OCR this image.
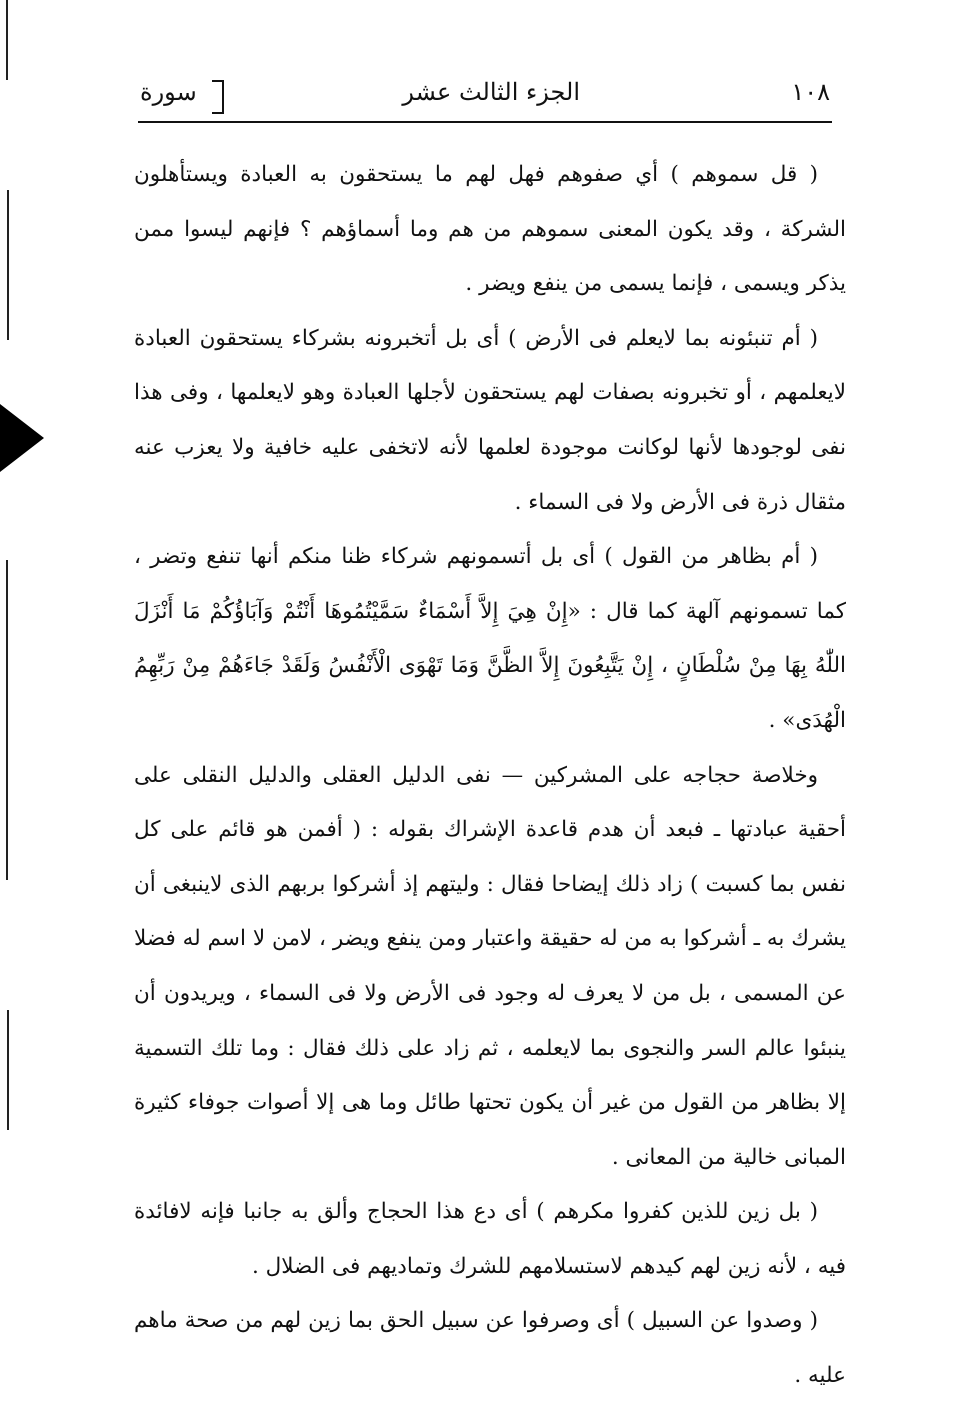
١٠٨
الجزء الثالث عشر
سورة

( قل سموهم ) أي صفوهم فهل لهم ما يستحقون به العبادة ويستأهلون الشركة ، وقد يكون المعنى سموهم من هم وما أسماؤهم ؟ فإنهم ليسوا ممن يذكر ويسمى ، فإنما يسمى من ينفع ويضر .

( أم تنبئونه بما لايعلم فى الأرض ) أى بل أتخبرونه بشركاء يستحقون العبادة لايعلمهم ، أو تخبرونه بصفات لهم يستحقون لأجلها العبادة وهو لايعلمها ، وفى هذا نفى لوجودها لأنها لوكانت موجودة لعلمها لأنه لاتخفى عليه خافية ولا يعزب عنه مثقال ذرة فى الأرض ولا فى السماء .

( أم بظاهر من القول ) أى بل أتسمونهم شركاء ظنا منكم أنها تنفع وتضر ، كما تسمونهم آلهة كما قال : «إِنْ هِيَ إِلاَّ أَسْمَاءٌ سَمَّيْتُمُوهَا أَنْتُمْ وَآبَاؤُكُمْ مَا أَنْزَلَ اللّٰهُ بِهَا مِنْ سُلْطَانٍ ، إِنْ يَتَّبِعُونَ إِلاَّ الظَّنَّ وَمَا تَهْوَى الْأَنْفُسُ وَلَقَدْ جَاءَهُمْ مِنْ رَبِّهِمُ الْهُدَى» .

وخلاصة حجاجه على المشركين — نفى الدليل العقلى والدليل النقلى على أحقية عبادتها ـ فبعد أن هدم قاعدة الإشراك بقوله : ( أفمن هو قائم على كل نفس بما كسبت ) زاد ذلك إيضاحا فقال : وليتهم إذ أشركوا بربهم الذى لاينبغى أن يشرك به ـ أشركوا به من له حقيقة واعتبار ومن ينفع ويضر ، لامن لا اسم له فضلا عن المسمى ، بل من لا يعرف له وجود فى الأرض ولا فى السماء ، ويريدون أن ينبئوا عالم السر والنجوى بما لايعلمه ، ثم زاد على ذلك فقال : وما تلك التسمية إلا بظاهر من القول من غير أن يكون تحتها طائل وما هى إلا أصوات جوفاء كثيرة المبانى خالية من المعانى .

( بل زين للذين كفروا مكرهم ) أى دع هذا الحجاج وألق به جانبا فإنه لافائدة فيه ، لأنه زين لهم كيدهم لاستسلامهم للشرك وتماديهم فى الضلال .

( وصدوا عن السبيل ) أى وصرفوا عن سبيل الحق بما زين لهم من صحة ماهم عليه .
